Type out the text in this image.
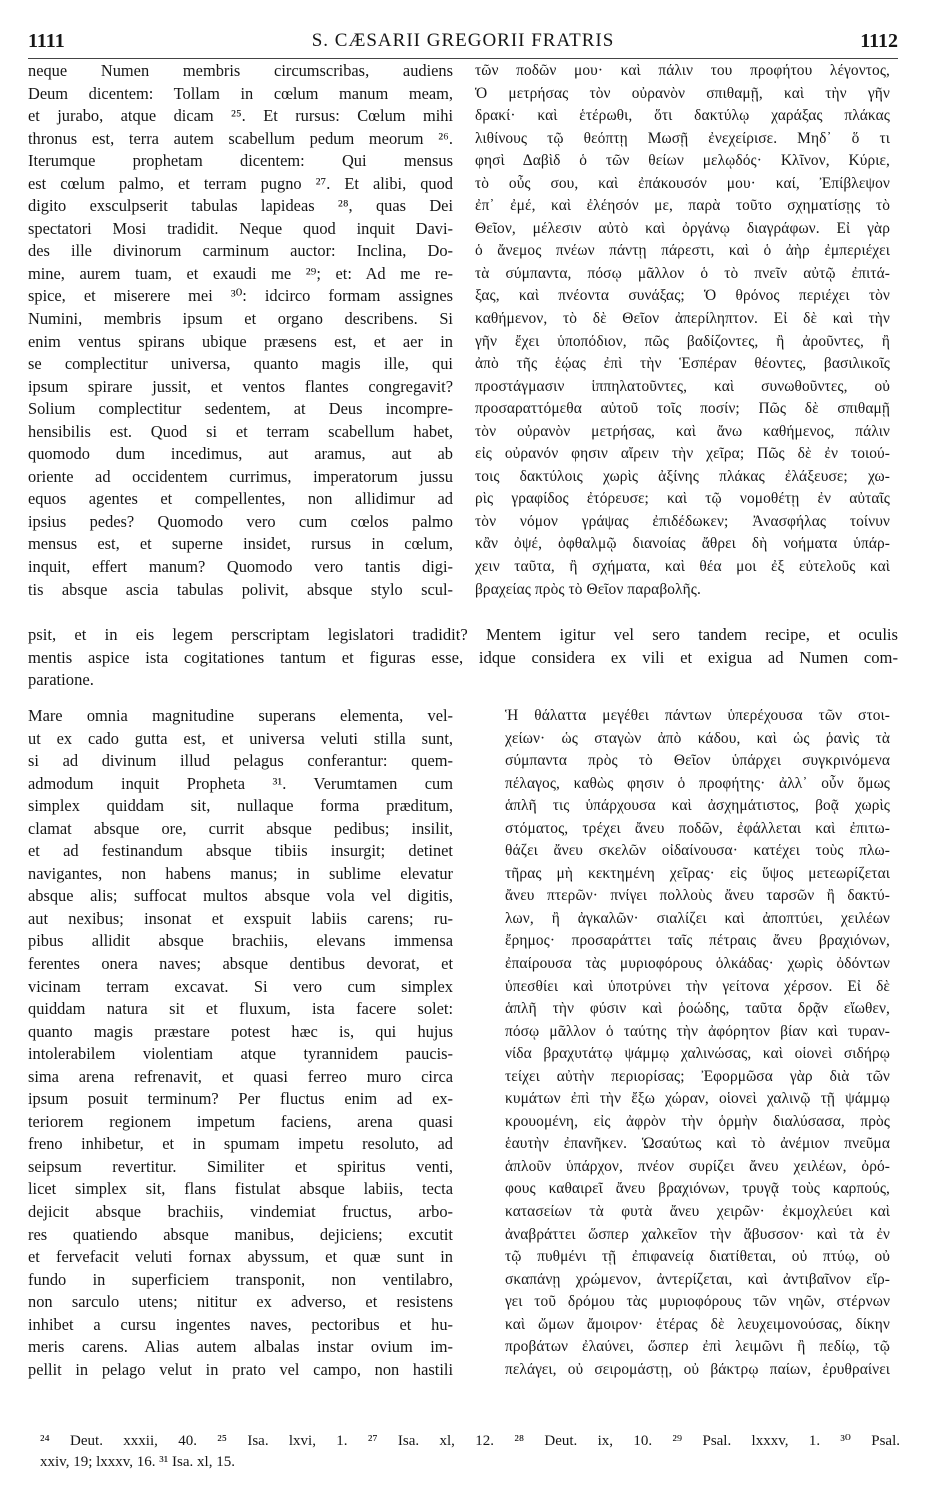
1111	S. CÆSARII GREGORII FRATRIS	1112
neque Numen membris circumscribas, audiens
Deum dicentem: Tollam in cœlum manum meam,
et jurabo, atque dicam ²⁵. Et rursus: Cœlum mihi
thronus est, terra autem scabellum pedum meorum ²⁶.
Iterumque prophetam dicentem: Qui mensus
est cœlum palmo, et terram pugno ²⁷. Et alibi, quod
digito exsculpserit tabulas lapideas ²⁸, quas Dei
spectatori Mosi tradidit. Neque quod inquit Davi-
des ille divinorum carminum auctor: Inclina, Do-
mine, aurem tuam, et exaudi me ²⁹; et: Ad me re-
spice, et miserere mei ³⁰: idcirco formam assignes
Numini, membris ipsum et organo describens. Si
enim ventus spirans ubique præsens est, et aer in
se complectitur universa, quanto magis ille, qui
ipsum spirare jussit, et ventos flantes congregavit?
Solium complectitur sedentem, at Deus incompre-
hensibilis est. Quod si et terram scabellum habet,
quomodo dum incedimus, aut aramus, aut ab
oriente ad occidentem currimus, imperatorum jussu
equos agentes et compellentes, non allidimur ad
ipsius pedes? Quomodo vero cum cœlos palmo
mensus est, et superne insidet, rursus in cœlum,
inquit, effert manum? Quomodo vero tantis digi-
tis absque ascia tabulas polivit, absque stylo scul-
τῶν ποδῶν μου· καὶ πάλιν του προφήτου λέγοντος,
Ὁ μετρήσας τὸν οὐρανὸν σπιθαμῇ, καὶ τὴν γῆν
δρακί· καὶ ἑτέρωθι, ὅτι δακτύλῳ χαράξας πλάκας
λιθίνους τῷ θεόπτῃ Μωσῇ ἐνεχείρισε. Μηδ᾽ ὅ τι
φησὶ Δαβὶδ ὁ τῶν θείων μελῳδός· Κλῖνον, Κύριε,
τὸ οὖς σου, καὶ ἐπάκουσόν μου· καί, Ἐπίβλεψον
ἐπ᾽ ἐμέ, καὶ ἐλέησόν με, παρὰ τοῦτο σχηματίσῃς τὸ
Θεῖον, μέλεσιν αὐτὸ καὶ ὀργάνῳ διαγράφων. Εἰ γὰρ
ὁ ἄνεμος πνέων πάντῃ πάρεστι, καὶ ὁ ἀὴρ ἐμπεριέχει
τὰ σύμπαντα, πόσῳ μᾶλλον ὁ τὸ πνεῖν αὐτῷ ἐπιτά-
ξας, καὶ πνέοντα συνάξας; Ὁ θρόνος περιέχει τὸν
καθήμενον, τὸ δὲ Θεῖον ἀπερίληπτον. Εἰ δὲ καὶ τὴν
γῆν ἔχει ὑποπόδιον, πῶς βαδίζοντες, ἢ ἀροῦντες, ἢ
ἀπὸ τῆς ἑῴας ἐπὶ τὴν Ἑσπέραν θέοντες, βασιλικοῖς
προστάγμασιν ἱππηλατοῦντες, καὶ συνωθοῦντες, οὐ
προσαραττόμεθα αὐτοῦ τοῖς ποσίν; Πῶς δὲ σπιθαμῇ
τὸν οὐρανὸν μετρήσας, καὶ ἄνω καθήμενος, πάλιν
εἰς οὐρανόν φησιν αἴρειν τὴν χεῖρα; Πῶς δὲ ἐν τοιού-
τοις δακτύλοις χωρὶς ἀξίνης πλάκας ἐλάξευσε; χω-
ρὶς γραφίδος ἐτόρευσε; καὶ τῷ νομοθέτῃ ἐν αὐταῖς
τὸν νόμον γράψας ἐπιδέδωκεν; Ἀνασφήλας τοίνυν
κἂν ὀψέ, ὀφθαλμῷ διανοίας ἄθρει δὴ νοήματα ὑπάρ-
χειν ταῦτα, ἢ σχήματα, καὶ θέα μοι ἐξ εὐτελοῦς καὶ
βραχείας πρὸς τὸ Θεῖον παραβολῆς.
psit, et in eis legem perscriptam legislatori tradidit? Mentem igitur vel sero tandem recipe, et oculis
mentis aspice ista cogitationes tantum et figuras esse, idque considera ex vili et exigua ad Numen com-
paratione.
Mare omnia magnitudine superans elementa, vel-
ut ex cado gutta est, et universa veluti stilla sunt,
si ad divinum illud pelagus conferantur: quem-
admodum inquit Propheta ³¹. Verumtamen cum
simplex quiddam sit, nullaque forma præditum,
clamat absque ore, currit absque pedibus; insilit,
et ad festinandum absque tibiis insurgit; detinet
navigantes, non habens manus; in sublime elevatur
absque alis; suffocat multos absque vola vel digitis,
aut nexibus; insonat et exspuit labiis carens; ru-
pibus allidit absque brachiis, elevans immensa
ferentes onera naves; absque dentibus devorat, et
vicinam terram excavat. Si vero cum simplex
quiddam natura sit et fluxum, ista facere solet:
quanto magis præstare potest hæc is, qui hujus
intolerabilem violentiam atque tyrannidem paucis-
sima arena refrenavit, et quasi ferreo muro circa
ipsum posuit terminum? Per fluctus enim ad ex-
teriorem regionem impetum faciens, arena quasi
freno inhibetur, et in spumam impetu resoluto, ad
seipsum revertitur. Similiter et spiritus venti,
licet simplex sit, flans fistulat absque labiis, tecta
dejicit absque brachiis, vindemiat fructus, arbo-
res quatiendo absque manibus, dejiciens; excutit
et fervefacit veluti fornax abyssum, et quæ sunt in
fundo in superficiem transponit, non ventilabro,
non sarculo utens; nititur ex adverso, et resistens
inhibet a cursu ingentes naves, pectoribus et hu-
meris carens. Alias autem albalas instar ovium im-
pellit in pelago velut in prato vel campo, non hastili
Ἡ θάλαττα μεγέθει πάντων ὑπερέχουσα τῶν στοι-
χείων· ὡς σταγὼν ἀπὸ κάδου, καὶ ὡς ῥανὶς τὰ
σύμπαντα πρὸς τὸ Θεῖον ὑπάρχει συγκρινόμενα
πέλαγος, καθὼς φησιν ὁ προφήτης· ἀλλ᾽ οὖν ὅμως
ἁπλῆ τις ὑπάρχουσα καὶ ἀσχημάτιστος, βοᾷ χωρὶς
στόματος, τρέχει ἄνευ ποδῶν, ἐφάλλεται καὶ ἐπιτω-
θάζει ἄνευ σκελῶν οἰδαίνουσα· κατέχει τοὺς πλω-
τῆρας μὴ κεκτημένη χεῖρας· εἰς ὕψος μετεωρίζεται
ἄνευ πτερῶν· πνίγει πολλοὺς ἄνευ ταρσῶν ἢ δακτύ-
λων, ἢ ἀγκαλῶν· σιαλίζει καὶ ἀποπτύει, χειλέων
ἔρημος· προσαράττει ταῖς πέτραις ἄνευ βραχιόνων,
ἐπαίρουσα τὰς μυριοφόρους ὁλκάδας· χωρὶς ὀδόντων
ὑπεσθίει καὶ ὑποτρύνει τὴν γείτονα χέρσον. Εἰ δὲ
ἁπλῆ τὴν φύσιν καὶ ῥοώδης, ταῦτα δρᾷν εἴωθεν,
πόσῳ μᾶλλον ὁ ταύτης τὴν ἀφόρητον βίαν καὶ τυραν-
νίδα βραχυτάτῳ ψάμμῳ χαλινώσας, καὶ οἱονεὶ σιδήρῳ
τείχει αὐτὴν περιορίσας; Ἐφορμῶσα γὰρ διὰ τῶν
κυμάτων ἐπὶ τὴν ἔξω χώραν, οἱονεὶ χαλινῷ τῇ ψάμμῳ
κρουομένη, εἰς ἀφρὸν τὴν ὁρμὴν διαλύσασα, πρὸς
ἑαυτὴν ἐπανῆκεν. Ὡσαύτως καὶ τὸ ἀνέμιον πνεῦμα
ἁπλοῦν ὑπάρχον, πνέον συρίζει ἄνευ χειλέων, ὀρό-
φους καθαιρεῖ ἄνευ βραχιόνων, τρυγᾷ τοὺς καρπούς,
κατασείων τὰ φυτὰ ἄνευ χειρῶν· ἐκμοχλεύει καὶ
ἀναβράττει ὥσπερ χαλκεῖον τὴν ἄβυσσον· καὶ τὰ ἐν
τῷ πυθμένι τῇ ἐπιφανείᾳ διατίθεται, οὐ πτύῳ, οὐ
σκαπάνῃ χρώμενον, ἀντερίζεται, καὶ ἀντιβαῖνον εἴρ-
γει τοῦ δρόμου τὰς μυριοφόρους τῶν νηῶν, στέρνων
καὶ ὤμων ἄμοιρον· ἑτέρας δὲ λευχειμονούσας, δίκην
προβάτων ἐλαύνει, ὥσπερ ἐπὶ λειμῶνι ἢ πεδίῳ, τῷ
πελάγει, οὐ σειρομάστῃ, οὐ βάκτρῳ παίων, ἐρυθραίνει
²⁴ Deut. xxxii, 40. ²⁵ Isa. lxvi, 1. ²⁷ Isa. xl, 12. ²⁸ Deut. ix, 10. ²⁹ Psal. lxxxv, 1. ³⁰ Psal.
xxiv, 19; lxxxv, 16. ³¹ Isa. xl, 15.
